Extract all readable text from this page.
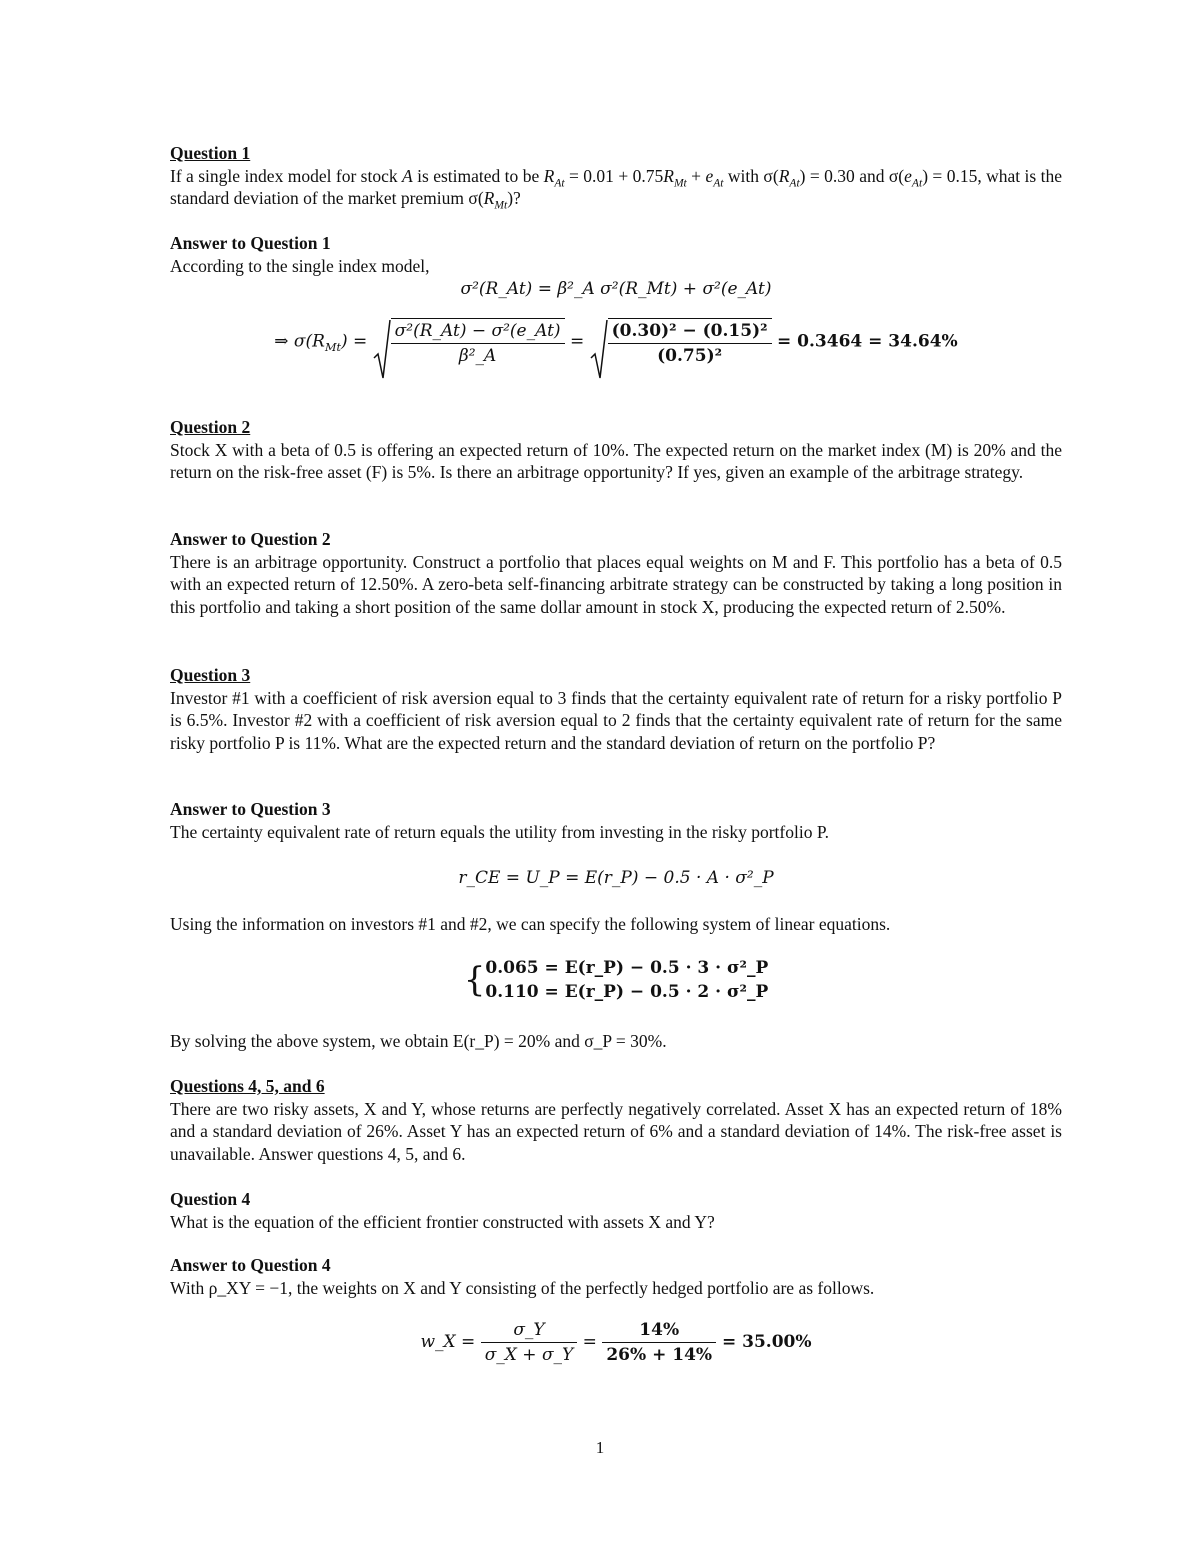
Question 1
If a single index model for stock A is estimated to be $R_{At} = 0.01 + 0.75R_{Mt} + e_{At}$ with $\sigma(R_{At}) = 0.30$ and $\sigma(e_{At}) = 0.15$, what is the standard deviation of the market premium $\sigma(R_{Mt})$?
Answer to Question 1
According to the single index model,
σ²(R_At) = β²_A σ²(R_Mt) + σ²(e_At)
⇒ $\sigma(R_{Mt}) = \frac{\text{σ²(R\_At) − σ²(e\_At)}}{\text{β²\_A}} = \frac{\text{(0.30)² − (0.15)²}}{\text{(0.75)²}} = 0.3464 = 34.64\%$
Question 2
Stock X with a beta of 0.5 is offering an expected return of 10%. The expected return on the market index (M) is 20% and the return on the risk-free asset (F) is 5%. Is there an arbitrage opportunity? If yes, given an example of the arbitrage strategy.
Answer to Question 2
There is an arbitrage opportunity. Construct a portfolio that places equal weights on M and F. This portfolio has a beta of 0.5 with an expected return of 12.50%. A zero-beta self-financing arbitrate strategy can be constructed by taking a long position in this portfolio and taking a short position of the same dollar amount in stock X, producing the expected return of 2.50%.
Question 3
Investor #1 with a coefficient of risk aversion equal to 3 finds that the certainty equivalent rate of return for a risky portfolio P is 6.5%. Investor #2 with a coefficient of risk aversion equal to 2 finds that the certainty equivalent rate of return for the same risky portfolio P is 11%. What are the expected return and the standard deviation of return on the portfolio P?
Answer to Question 3
The certainty equivalent rate of return equals the utility from investing in the risky portfolio P.
r_CE = U_P = E(r_P) − 0.5 · A · σ²_P
Using the information on investors #1 and #2, we can specify the following system of linear equations.
{ 0.065 = E(r_P) − 0.5 · 3 · σ²_P
0.110 = E(r_P) − 0.5 · 2 · σ²_P
By solving the above system, we obtain E(r_P) = 20% and σ_P = 30%.
Questions 4, 5, and 6
There are two risky assets, X and Y, whose returns are perfectly negatively correlated. Asset X has an expected return of 18% and a standard deviation of 26%. Asset Y has an expected return of 6% and a standard deviation of 14%. The risk-free asset is unavailable. Answer questions 4, 5, and 6.
Question 4
What is the equation of the efficient frontier constructed with assets X and Y?
Answer to Question 4
With ρ_XY = −1, the weights on X and Y consisting of the perfectly hedged portfolio are as follows.
w_X = $\frac{\sigma\_Y}{\sigma\_X + \sigma\_Y} = \frac{14\%}{26\% + 14\%} = 35.00\%$
1
